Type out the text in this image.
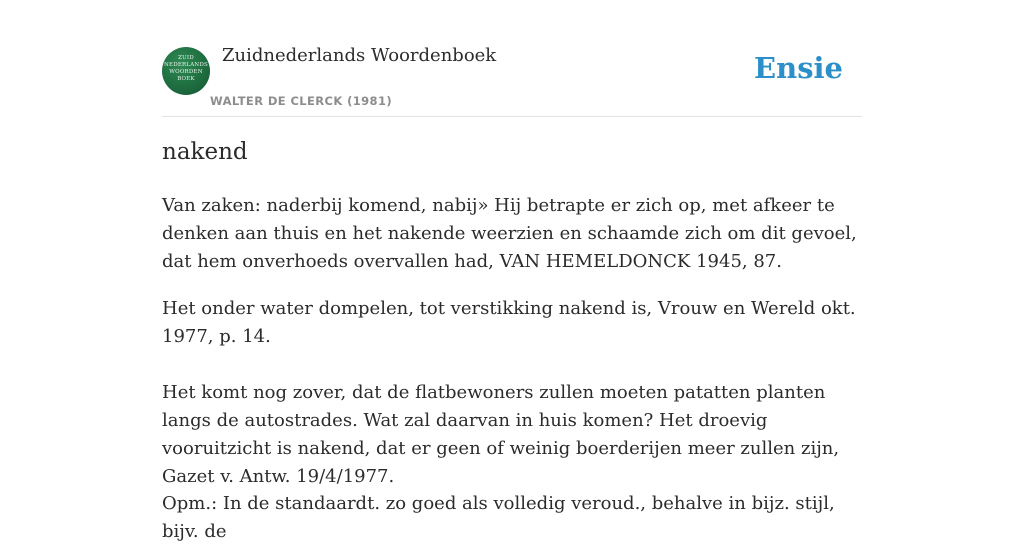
ZUID NEDERLANDS WOORDEN BOEK
Zuidnederlands Woordenboek
WALTER DE CLERCK (1981)
Ensie
nakend

Van zaken: naderbij komend, nabij» Hij betrapte er zich op, met afkeer te denken aan thuis en het nakende weerzien en schaamde zich om dit gevoel, dat hem onverhoeds overvallen had, VAN HEMELDONCK 1945, 87.

Het onder water dompelen, tot verstikking nakend is, Vrouw en Wereld okt. 1977, p. 14.

Het komt nog zover, dat de flatbewoners zullen moeten patatten planten langs de autostrades. Wat zal daarvan in huis komen? Het droevig vooruitzicht is nakend, dat er geen of weinig boerderijen meer zullen zijn, Gazet v. Antw. 19/4/1977.

Opm.: In de standaardt. zo goed als volledig veroud., behalve in bijz. stijl, bijv. de
